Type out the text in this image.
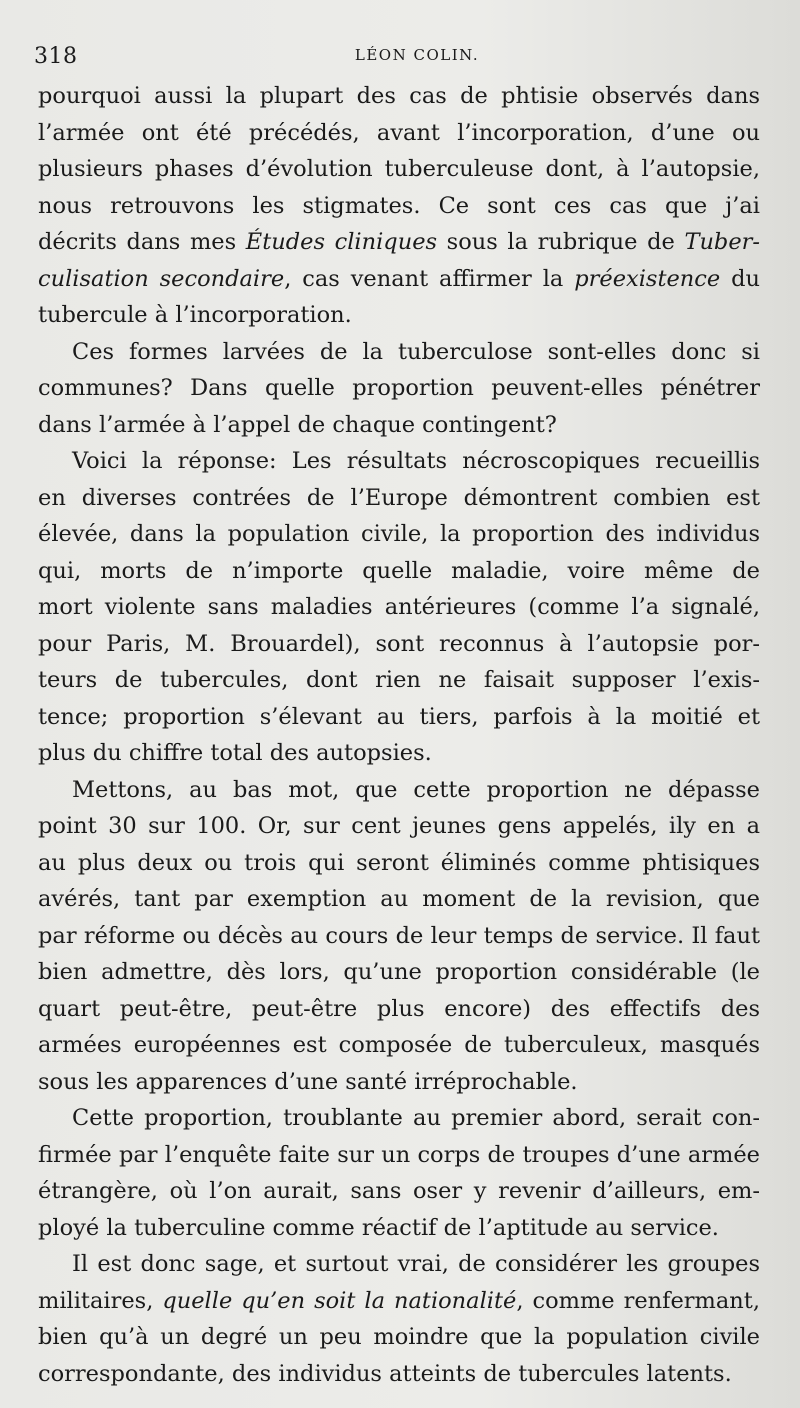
318	LÉON COLIN.
pourquoi aussi la plupart des cas de phtisie observés dans
l’armée ont été précédés, avant l’incorporation, d’une ou
plusieurs phases d’évolution tuberculeuse dont, à l’autopsie,
nous retrouvons les stigmates. Ce sont ces cas que j’ai
décrits dans mes Études cliniques sous la rubrique de Tuber-
culisation secondaire, cas venant affirmer la préexistence du
tubercule à l’incorporation.
Ces formes larvées de la tuberculose sont-elles donc si
communes? Dans quelle proportion peuvent-elles pénétrer
dans l’armée à l’appel de chaque contingent?
Voici la réponse: Les résultats nécroscopiques recueillis
en diverses contrées de l’Europe démontrent combien est
élevée, dans la population civile, la proportion des individus
qui, morts de n’importe quelle maladie, voire même de
mort violente sans maladies antérieures (comme l’a signalé,
pour Paris, M. Brouardel), sont reconnus à l’autopsie por-
teurs de tubercules, dont rien ne faisait supposer l’exis-
tence; proportion s’élevant au tiers, parfois à la moitié et
plus du chiffre total des autopsies.
Mettons, au bas mot, que cette proportion ne dépasse
point 30 sur 100. Or, sur cent jeunes gens appelés, ily en a
au plus deux ou trois qui seront éliminés comme phtisiques
avérés, tant par exemption au moment de la revision, que
par réforme ou décès au cours de leur temps de service. Il faut
bien admettre, dès lors, qu’une proportion considérable (le
quart peut-être, peut-être plus encore) des effectifs des
armées européennes est composée de tuberculeux, masqués
sous les apparences d’une santé irréprochable.
Cette proportion, troublante au premier abord, serait con-
firmée par l’enquête faite sur un corps de troupes d’une armée
étrangère, où l’on aurait, sans oser y revenir d’ailleurs, em-
ployé la tuberculine comme réactif de l’aptitude au service.
Il est donc sage, et surtout vrai, de considérer les groupes
militaires, quelle qu’en soit la nationalité, comme renfermant,
bien qu’à un degré un peu moindre que la population civile
correspondante, des individus atteints de tubercules latents.
